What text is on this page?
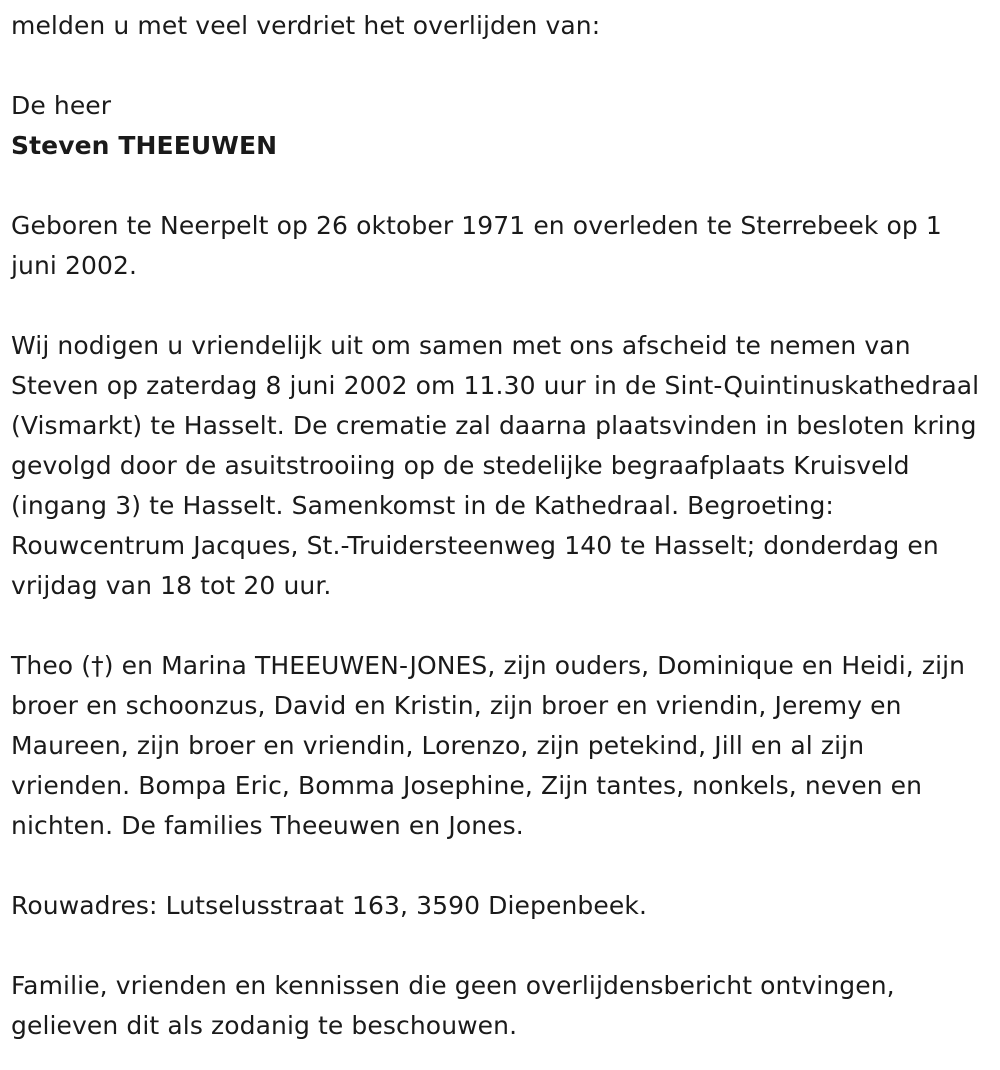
melden u met veel verdriet het overlijden van:

De heer

Steven THEEUWEN

Geboren te Neerpelt op 26 oktober 1971 en overleden te Sterrebeek op 1 juni 2002.

Wij nodigen u vriendelijk uit om samen met ons afscheid te nemen van Steven op zaterdag 8 juni 2002 om 11.30 uur in de Sint-Quintinuskathedraal (Vismarkt) te Hasselt. De crematie zal daarna plaatsvinden in besloten kring gevolgd door de asuitstrooiing op de stedelijke begraafplaats Kruisveld (ingang 3) te Hasselt. Samenkomst in de Kathedraal. Begroeting: Rouwcentrum Jacques, St.-Truidersteenweg 140 te Hasselt; donderdag en vrijdag van 18 tot 20 uur.

Theo (†) en Marina THEEUWEN-JONES, zijn ouders, Dominique en Heidi, zijn broer en schoonzus, David en Kristin, zijn broer en vriendin, Jeremy en Maureen, zijn broer en vriendin, Lorenzo, zijn petekind, Jill en al zijn vrienden. Bompa Eric, Bomma Josephine, Zijn tantes, nonkels, neven en nichten. De families Theeuwen en Jones.

Rouwadres: Lutselusstraat 163, 3590 Diepenbeek.

Familie, vrienden en kennissen die geen overlijdensbericht ontvingen, gelieven dit als zodanig te beschouwen.
